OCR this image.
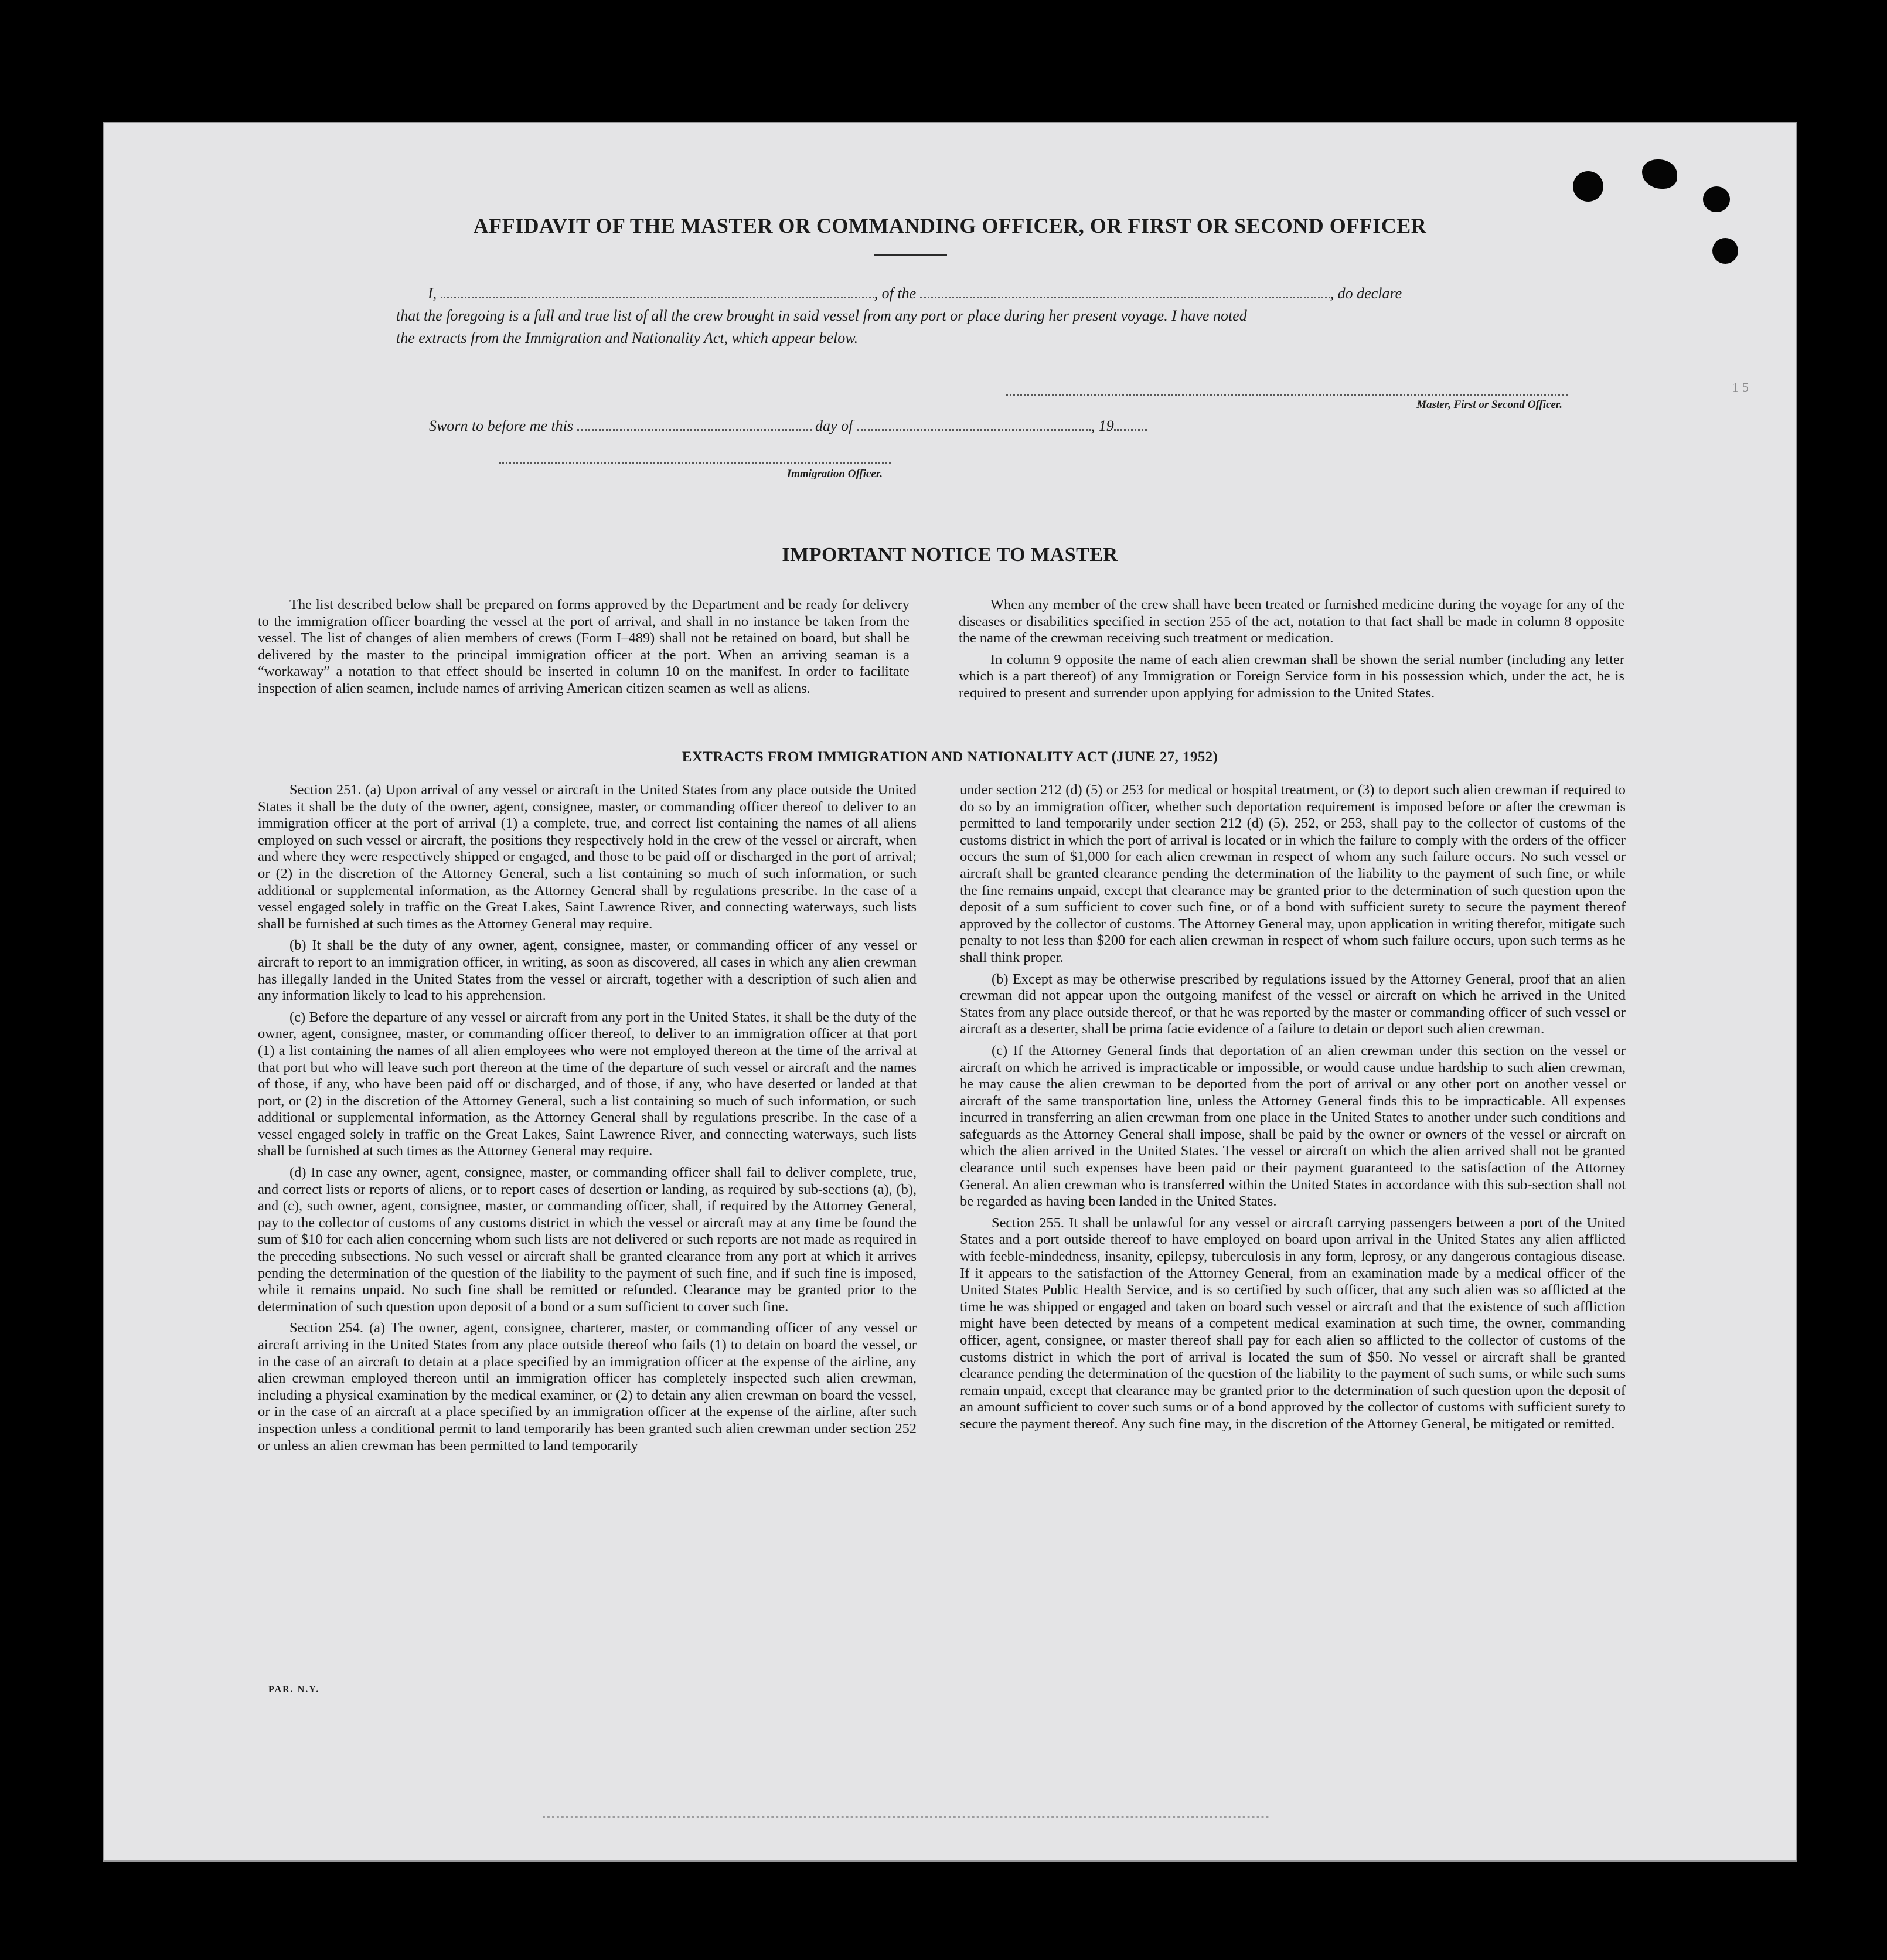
15
AFFIDAVIT OF THE MASTER OR COMMANDING OFFICER, OR FIRST OR SECOND OFFICER
I,	, of the	, do declare
that the foregoing is a full and true list of all the crew brought in said vessel from any port or place during her present voyage. I have noted
the extracts from the Immigration and Nationality Act, which appear below.
Master, First or Second Officer.
Sworn to before me this	day of	, 19
Immigration Officer.
IMPORTANT NOTICE TO MASTER

The list described below shall be prepared on forms approved by the Department and be ready for delivery to the immigration officer boarding the vessel at the port of arrival, and shall in no instance be taken from the vessel. The list of changes of alien members of crews (Form I–489) shall not be retained on board, but shall be delivered by the master to the principal immigration officer at the port. When an arriving seaman is a “workaway” a notation to that effect should be inserted in column 10 on the manifest. In order to facilitate inspection of alien seamen, include names of arriving American citizen seamen as well as aliens.

When any member of the crew shall have been treated or furnished medicine during the voyage for any of the diseases or disabilities specified in section 255 of the act, notation to that fact shall be made in column 8 opposite the name of the crewman receiving such treatment or medication.

In column 9 opposite the name of each alien crewman shall be shown the serial number (including any letter which is a part thereof) of any Immigration or Foreign Service form in his possession which, under the act, he is required to present and surrender upon applying for admission to the United States.

EXTRACTS FROM IMMIGRATION AND NATIONALITY ACT (JUNE 27, 1952)

Section 251. (a) Upon arrival of any vessel or aircraft in the United States from any place outside the United States it shall be the duty of the owner, agent, consignee, master, or commanding officer thereof to deliver to an immigration officer at the port of arrival (1) a complete, true, and correct list containing the names of all aliens employed on such vessel or aircraft, the positions they respectively hold in the crew of the vessel or aircraft, when and where they were respectively shipped or engaged, and those to be paid off or discharged in the port of arrival; or (2) in the discretion of the Attorney General, such a list containing so much of such information, or such additional or supplemental information, as the Attorney General shall by regulations prescribe. In the case of a vessel engaged solely in traffic on the Great Lakes, Saint Lawrence River, and connecting waterways, such lists shall be furnished at such times as the Attorney General may require.

(b) It shall be the duty of any owner, agent, consignee, master, or commanding officer of any vessel or aircraft to report to an immigration officer, in writing, as soon as discovered, all cases in which any alien crewman has illegally landed in the United States from the vessel or aircraft, together with a description of such alien and any information likely to lead to his apprehension.

(c) Before the departure of any vessel or aircraft from any port in the United States, it shall be the duty of the owner, agent, consignee, master, or commanding officer thereof, to deliver to an immigration officer at that port (1) a list containing the names of all alien employees who were not employed thereon at the time of the arrival at that port but who will leave such port thereon at the time of the departure of such vessel or aircraft and the names of those, if any, who have been paid off or discharged, and of those, if any, who have deserted or landed at that port, or (2) in the discretion of the Attorney General, such a list containing so much of such information, or such additional or supplemental information, as the Attorney General shall by regulations prescribe. In the case of a vessel engaged solely in traffic on the Great Lakes, Saint Lawrence River, and connecting waterways, such lists shall be furnished at such times as the Attorney General may require.

(d) In case any owner, agent, consignee, master, or commanding officer shall fail to deliver complete, true, and correct lists or reports of aliens, or to report cases of desertion or landing, as required by sub-sections (a), (b), and (c), such owner, agent, consignee, master, or commanding officer, shall, if required by the Attorney General, pay to the collector of customs of any customs district in which the vessel or aircraft may at any time be found the sum of $10 for each alien concerning whom such lists are not delivered or such reports are not made as required in the preceding subsections. No such vessel or aircraft shall be granted clearance from any port at which it arrives pending the determination of the question of the liability to the payment of such fine, and if such fine is imposed, while it remains unpaid. No such fine shall be remitted or refunded. Clearance may be granted prior to the determination of such question upon deposit of a bond or a sum sufficient to cover such fine.

Section 254. (a) The owner, agent, consignee, charterer, master, or commanding officer of any vessel or aircraft arriving in the United States from any place outside thereof who fails (1) to detain on board the vessel, or in the case of an aircraft to detain at a place specified by an immigration officer at the expense of the airline, any alien crewman employed thereon until an immigration officer has completely inspected such alien crewman, including a physical examination by the medical examiner, or (2) to detain any alien crewman on board the vessel, or in the case of an aircraft at a place specified by an immigration officer at the expense of the airline, after such inspection unless a conditional permit to land temporarily has been granted such alien crewman under section 252 or unless an alien crewman has been permitted to land temporarily

under section 212 (d) (5) or 253 for medical or hospital treatment, or (3) to deport such alien crewman if required to do so by an immigration officer, whether such deportation requirement is imposed before or after the crewman is permitted to land temporarily under section 212 (d) (5), 252, or 253, shall pay to the collector of customs of the customs district in which the port of arrival is located or in which the failure to comply with the orders of the officer occurs the sum of $1,000 for each alien crewman in respect of whom any such failure occurs. No such vessel or aircraft shall be granted clearance pending the determination of the liability to the payment of such fine, or while the fine remains unpaid, except that clearance may be granted prior to the determination of such question upon the deposit of a sum sufficient to cover such fine, or of a bond with sufficient surety to secure the payment thereof approved by the collector of customs. The Attorney General may, upon application in writing therefor, mitigate such penalty to not less than $200 for each alien crewman in respect of whom such failure occurs, upon such terms as he shall think proper.

(b) Except as may be otherwise prescribed by regulations issued by the Attorney General, proof that an alien crewman did not appear upon the outgoing manifest of the vessel or aircraft on which he arrived in the United States from any place outside thereof, or that he was reported by the master or commanding officer of such vessel or aircraft as a deserter, shall be prima facie evidence of a failure to detain or deport such alien crewman.

(c) If the Attorney General finds that deportation of an alien crewman under this section on the vessel or aircraft on which he arrived is impracticable or impossible, or would cause undue hardship to such alien crewman, he may cause the alien crewman to be deported from the port of arrival or any other port on another vessel or aircraft of the same transportation line, unless the Attorney General finds this to be impracticable. All expenses incurred in transferring an alien crewman from one place in the United States to another under such conditions and safeguards as the Attorney General shall impose, shall be paid by the owner or owners of the vessel or aircraft on which the alien arrived in the United States. The vessel or aircraft on which the alien arrived shall not be granted clearance until such expenses have been paid or their payment guaranteed to the satisfaction of the Attorney General. An alien crewman who is transferred within the United States in accordance with this sub-section shall not be regarded as having been landed in the United States.

Section 255. It shall be unlawful for any vessel or aircraft carrying passengers between a port of the United States and a port outside thereof to have employed on board upon arrival in the United States any alien afflicted with feeble-mindedness, insanity, epilepsy, tuberculosis in any form, leprosy, or any dangerous contagious disease. If it appears to the satisfaction of the Attorney General, from an examination made by a medical officer of the United States Public Health Service, and is so certified by such officer, that any such alien was so afflicted at the time he was shipped or engaged and taken on board such vessel or aircraft and that the existence of such affliction might have been detected by means of a competent medical examination at such time, the owner, commanding officer, agent, consignee, or master thereof shall pay for each alien so afflicted to the collector of customs of the customs district in which the port of arrival is located the sum of $50. No vessel or aircraft shall be granted clearance pending the determination of the question of the liability to the payment of such sums, or while such sums remain unpaid, except that clearance may be granted prior to the determination of such question upon the deposit of an amount sufficient to cover such sums or of a bond approved by the collector of customs with sufficient surety to secure the payment thereof. Any such fine may, in the discretion of the Attorney General, be mitigated or remitted.

PAR. N.Y.
